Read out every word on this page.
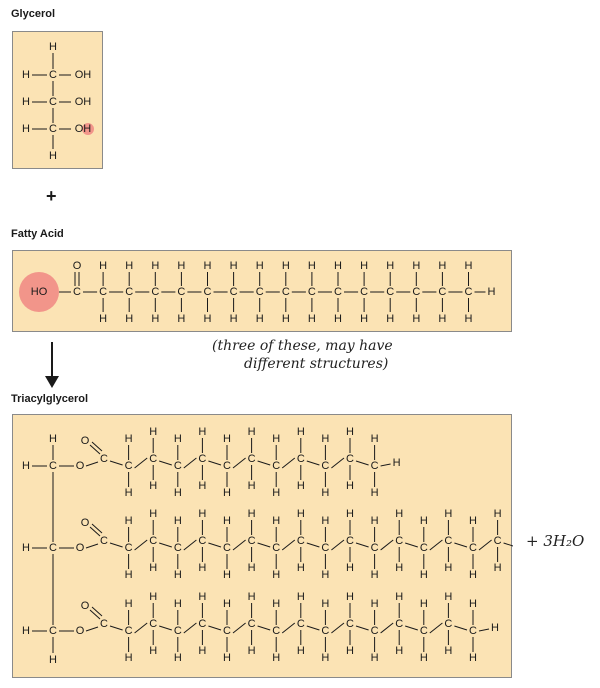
Glycerol
H
H C OH
H C OH
H C OH
H
+
Fatty Acid
HO C
O
C
H
H
C
H
H
C
H
H
C
H
H
C
H
H
C
H
H
C
H
H
C
H
H
C
H
H
C
H
H
C
H
H
C
H
H
C
H
H
C
H
H
C
H
H
H
(three of these, may have
different structures)
Triacylglycerol
H
H C O
C
O
C
H
H
C
H
H
C
H
H
C
H
H
C
H
H
C
H
H
C
H
H
C
H
H
C
H
H
C
H
H
C
H
H
H
H C O
C
O
C
H
H
C
H
H
C
H
H
C
H
H
C
H
H
C
H
H
C
H
H
C
H
H
C
H
H
C
H
H
C
H
H
C
H
H
C
H
H
C
H
H
C
H
H
C
H
H
H C O
C
O
C
H
H
C
H
H
C
H
H
C
H
H
C
H
H
C
H
H
C
H
H
C
H
H
C
H
H
C
H
H
C
H
H
C
H
H
C
H
H
C
H
H
C
H
H
H
H
+ 3H₂O
